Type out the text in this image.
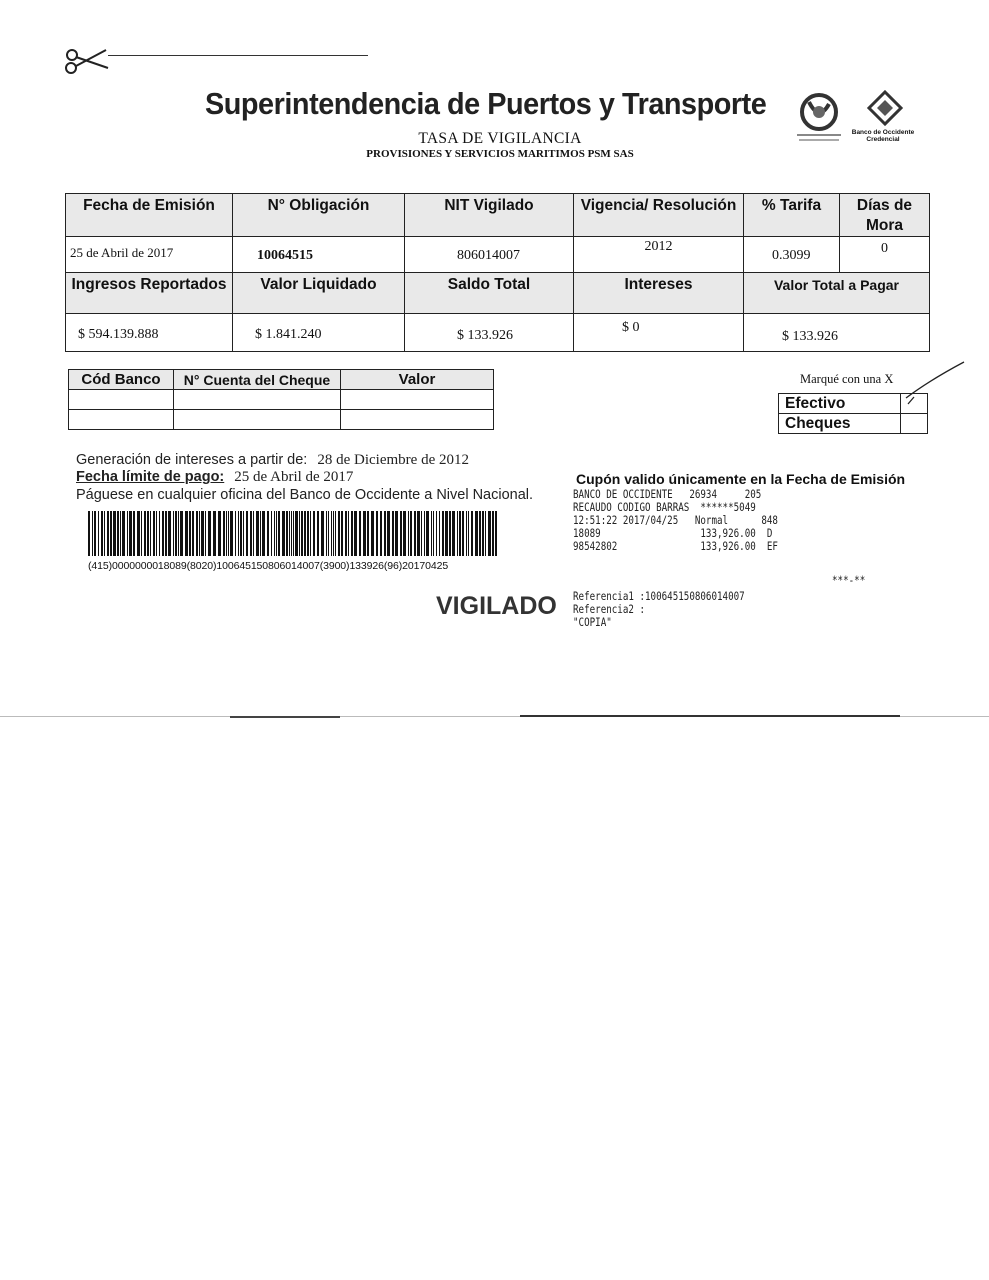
Superintendencia de Puertos y Transporte
TASA DE VIGILANCIA
PROVISIONES Y SERVICIOS MARITIMOS PSM SAS
Banco de Occidente Credencial
Fecha de Emisión	N° Obligación	NIT Vigilado	Vigencia/ Resolución	% Tarifa	Días de Mora
25 de Abril de 2017	10064515	806014007	2012	0.3099	0
Ingresos Reportados	Valor Liquidado	Saldo Total	Intereses	Valor Total a Pagar	
$ 594.139.888	$ 1.841.240	$ 133.926	$ 0	$ 133.926	
Cód Banco	N° Cuenta del Cheque	Valor

			Marqué con una X
Efectivo	
Cheques	
Generación de intereses a partir de: 28 de Diciembre de 2012
Fecha límite de pago: 25 de Abril de 2017
Páguese en cualquier oficina del Banco de Occidente a Nivel Nacional.
(415)0000000018089(8020)100645150806014007(3900)133926(96)20170425
Cupón valido únicamente en la Fecha de Emisión
BANCO DE OCCIDENTE   26934     205
RECAUDO CODIGO BARRAS  ******5049
12:51:22 2017/04/25   Normal      848
18089                  133,926.00  D
98542802               133,926.00  EF
***-**
Referencia1 :100645150806014007
Referencia2 :
"COPIA"
VIGILADO
